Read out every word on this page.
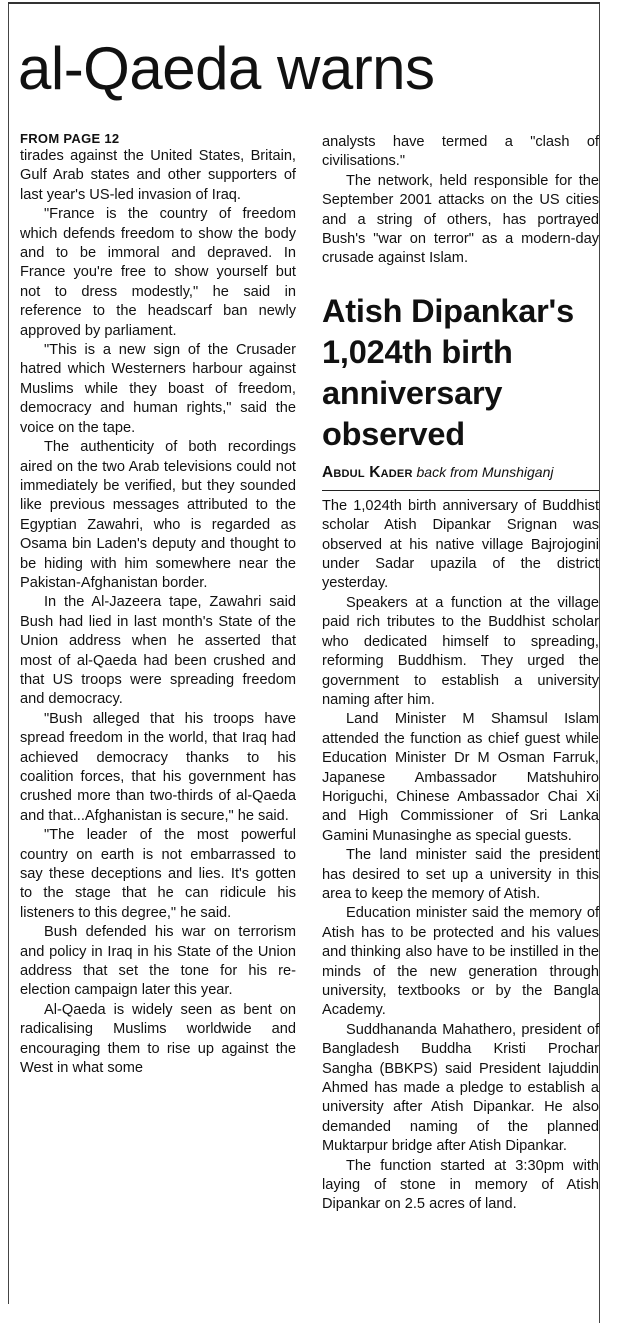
al-Qaeda warns
FROM PAGE 12

tirades against the United States, Britain, Gulf Arab states and other supporters of last year's US-led invasion of Iraq.

"France is the country of freedom which defends freedom to show the body and to be immoral and depraved. In France you're free to show yourself but not to dress modestly," he said in reference to the headscarf ban newly approved by parliament.

"This is a new sign of the Crusader hatred which Westerners harbour against Muslims while they boast of freedom, democracy and human rights," said the voice on the tape.

The authenticity of both recordings aired on the two Arab televisions could not immediately be verified, but they sounded like previous messages attributed to the Egyptian Zawahri, who is regarded as Osama bin Laden's deputy and thought to be hiding with him somewhere near the Pakistan-Afghanistan border.

In the Al-Jazeera tape, Zawahri said Bush had lied in last month's State of the Union address when he asserted that most of al-Qaeda had been crushed and that US troops were spreading freedom and democracy.

"Bush alleged that his troops have spread freedom in the world, that Iraq had achieved democracy thanks to his coalition forces, that his government has crushed more than two-thirds of al-Qaeda and that...Afghanistan is secure," he said.

"The leader of the most powerful country on earth is not embarrassed to say these deceptions and lies. It's gotten to the stage that he can ridicule his listeners to this degree," he said.

Bush defended his war on terrorism and policy in Iraq in his State of the Union address that set the tone for his re-election campaign later this year.

Al-Qaeda is widely seen as bent on radicalising Muslims worldwide and encouraging them to rise up against the West in what some

analysts have termed a "clash of civilisations."

The network, held responsible for the September 2001 attacks on the US cities and a string of others, has portrayed Bush's "war on terror" as a modern-day crusade against Islam.

Atish Dipankar's 1,024th birth anniversary observed
Abdul Kader back from Munshiganj

The 1,024th birth anniversary of Buddhist scholar Atish Dipankar Srignan was observed at his native village Bajrojogini under Sadar upazila of the district yesterday.

Speakers at a function at the village paid rich tributes to the Buddhist scholar who dedicated himself to spreading, reforming Buddhism. They urged the government to establish a university naming after him.

Land Minister M Shamsul Islam attended the function as chief guest while Education Minister Dr M Osman Farruk, Japanese Ambassador Matshuhiro Horiguchi, Chinese Ambassador Chai Xi and High Commissioner of Sri Lanka Gamini Munasinghe as special guests.

The land minister said the president has desired to set up a university in this area to keep the memory of Atish.

Education minister said the memory of Atish has to be protected and his values and thinking also have to be instilled in the minds of the new generation through university, textbooks or by the Bangla Academy.

Suddhananda Mahathero, president of Bangladesh Buddha Kristi Prochar Sangha (BBKPS) said President Iajuddin Ahmed has made a pledge to establish a university after Atish Dipankar. He also demanded naming of the planned Muktarpur bridge after Atish Dipankar.

The function started at 3:30pm with laying of stone in memory of Atish Dipankar on 2.5 acres of land.
